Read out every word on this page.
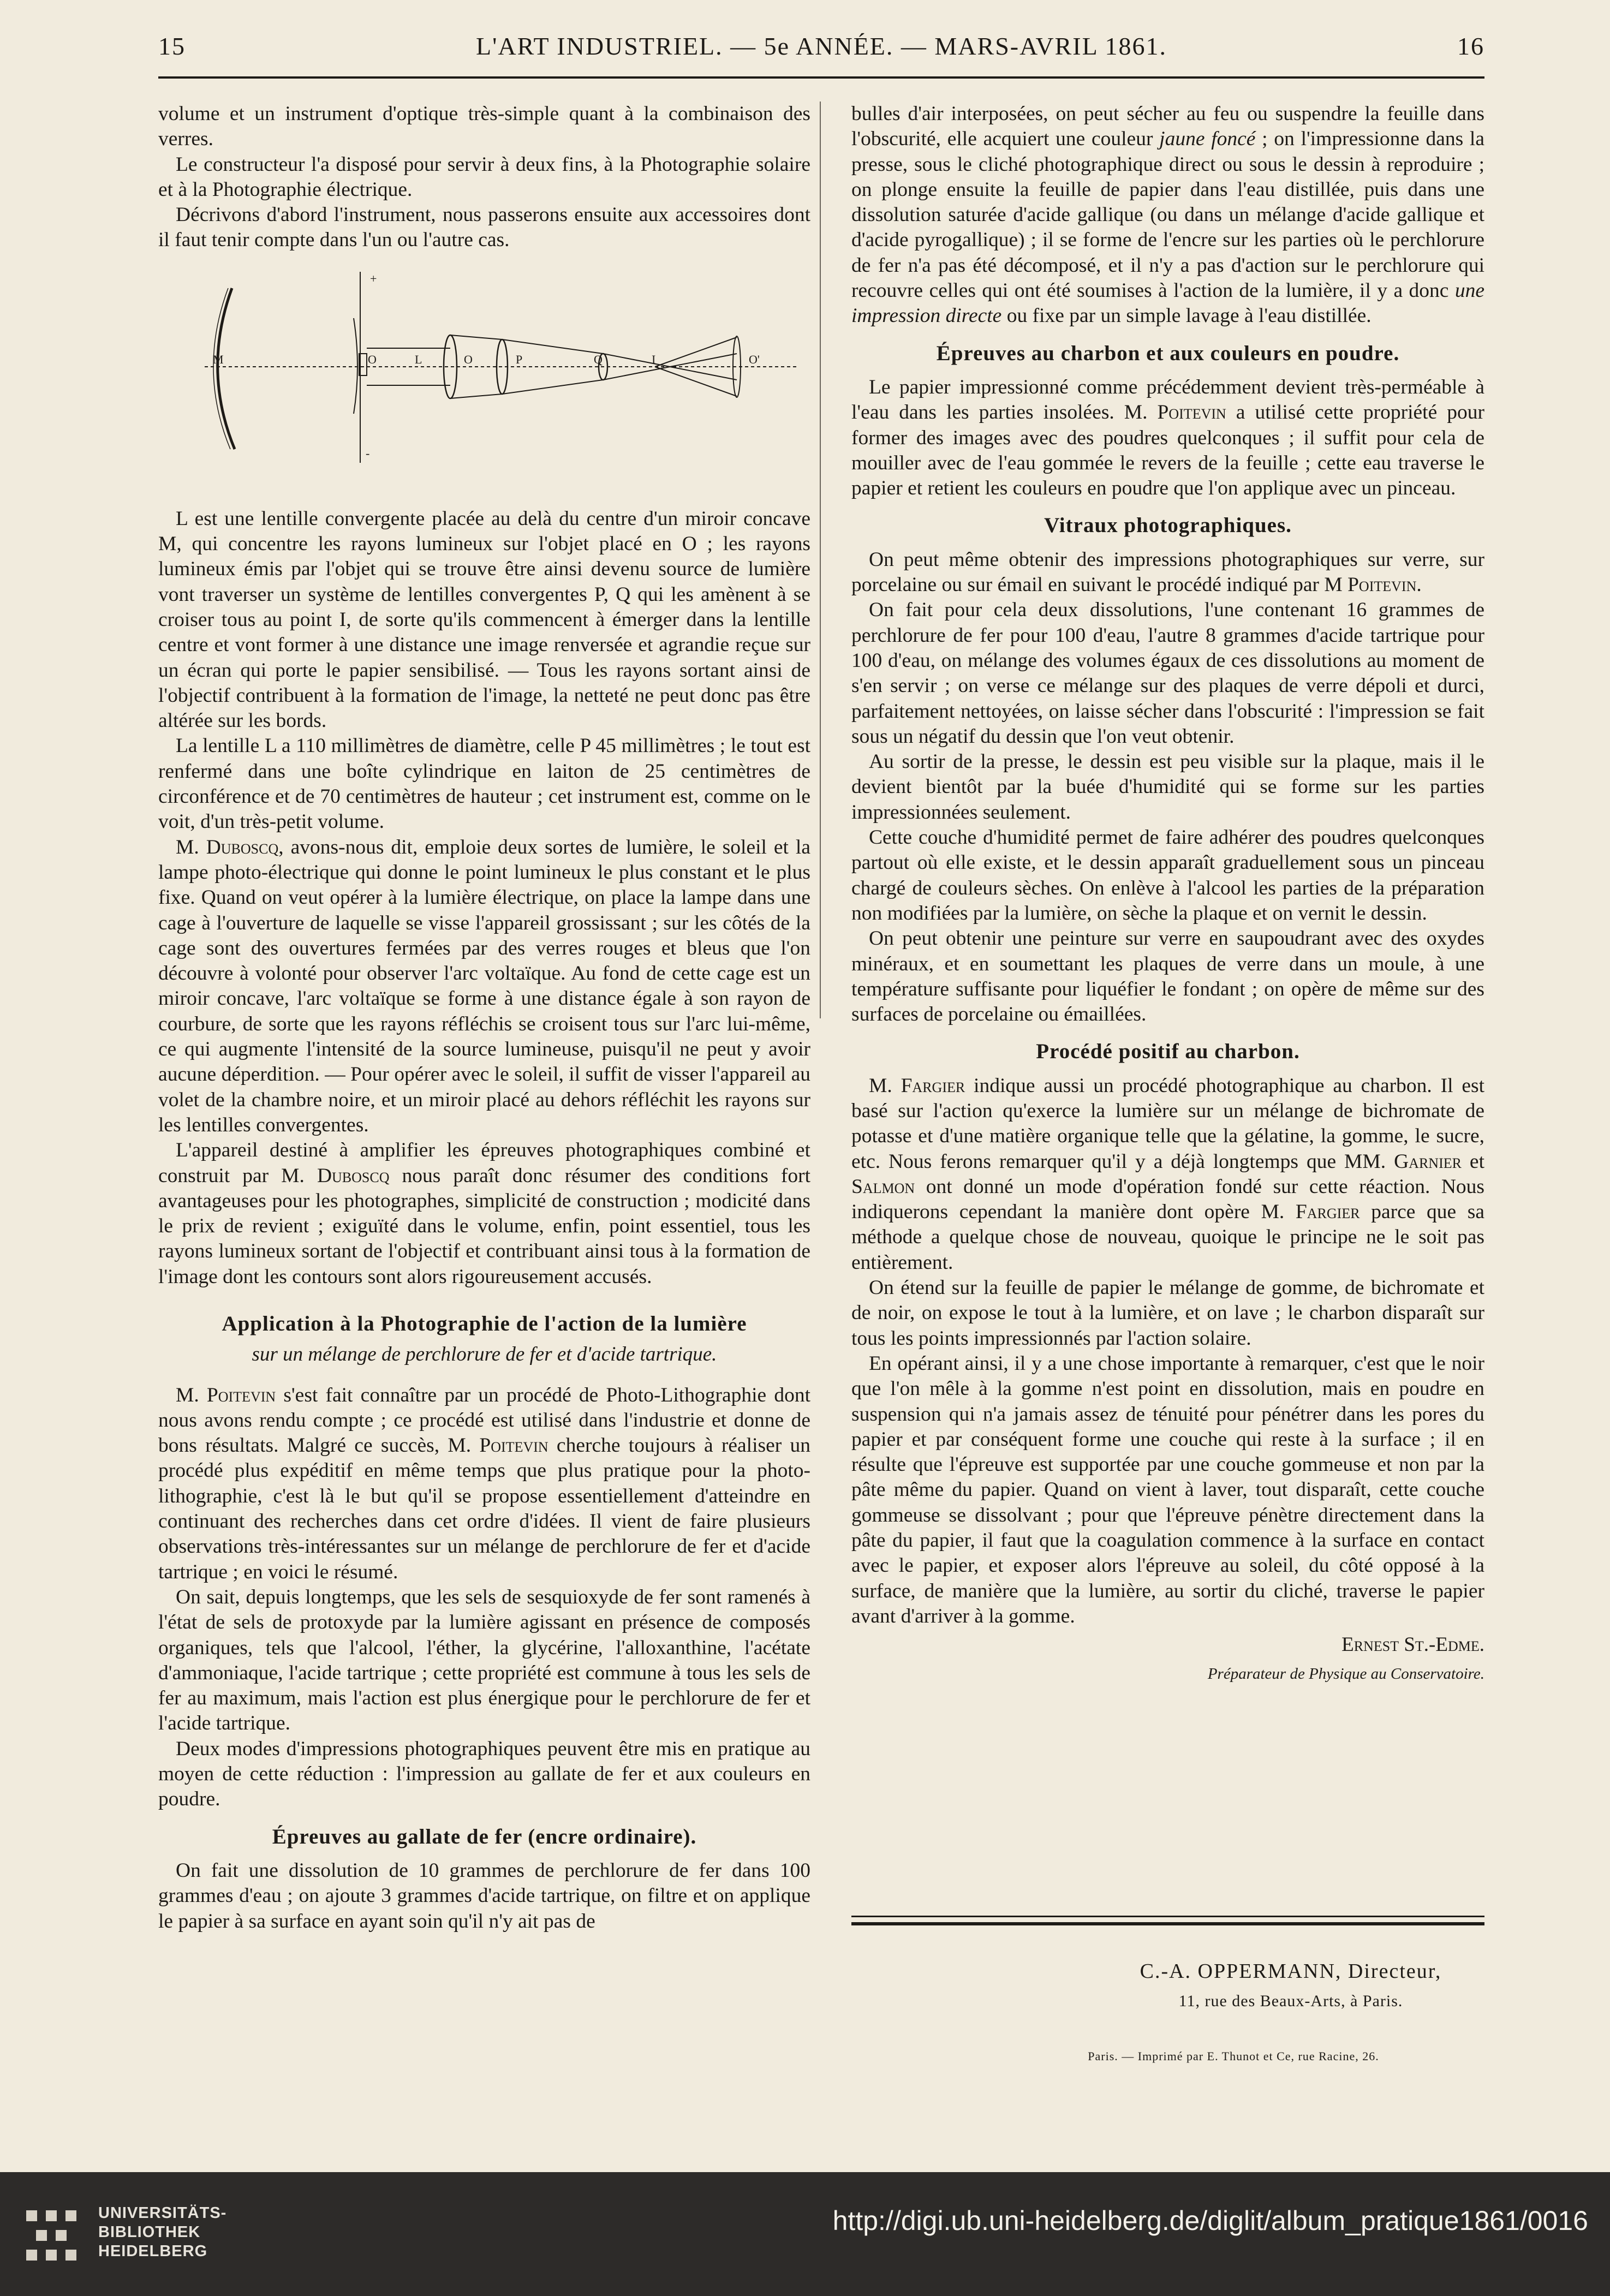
15	L'ART INDUSTRIEL. — 5e ANNÉE. — MARS-AVRIL 1861.	16

volume et un instrument d'optique très-simple quant à la combinaison des verres.

Le constructeur l'a disposé pour servir à deux fins, à la Photographie solaire et à la Photographie électrique.

Décrivons d'abord l'instrument, nous passerons ensuite aux accessoires dont il faut tenir compte dans l'un ou l'autre cas.

+
M	O	L	O	P	Q	I	O'
-

L est une lentille convergente placée au delà du centre d'un miroir concave M, qui concentre les rayons lumineux sur l'objet placé en O ; les rayons lumineux émis par l'objet qui se trouve être ainsi devenu source de lumière vont traverser un système de lentilles convergentes P, Q qui les amènent à se croiser tous au point I, de sorte qu'ils commencent à émerger dans la lentille centre et vont former à une distance une image renversée et agrandie reçue sur un écran qui porte le papier sensibilisé. — Tous les rayons sortant ainsi de l'objectif contribuent à la formation de l'image, la netteté ne peut donc pas être altérée sur les bords.

La lentille L a 110 millimètres de diamètre, celle P 45 millimètres ; le tout est renfermé dans une boîte cylindrique en laiton de 25 centimètres de circonférence et de 70 centimètres de hauteur ; cet instrument est, comme on le voit, d'un très-petit volume.

M. Duboscq, avons-nous dit, emploie deux sortes de lumière, le soleil et la lampe photo-électrique qui donne le point lumineux le plus constant et le plus fixe. Quand on veut opérer à la lumière électrique, on place la lampe dans une cage à l'ouverture de laquelle se visse l'appareil grossissant ; sur les côtés de la cage sont des ouvertures fermées par des verres rouges et bleus que l'on découvre à volonté pour observer l'arc voltaïque. Au fond de cette cage est un miroir concave, l'arc voltaïque se forme à une distance égale à son rayon de courbure, de sorte que les rayons réfléchis se croisent tous sur l'arc lui-même, ce qui augmente l'intensité de la source lumineuse, puisqu'il ne peut y avoir aucune déperdition. — Pour opérer avec le soleil, il suffit de visser l'appareil au volet de la chambre noire, et un miroir placé au dehors réfléchit les rayons sur les lentilles convergentes.

L'appareil destiné à amplifier les épreuves photographiques combiné et construit par M. Duboscq nous paraît donc résumer des conditions fort avantageuses pour les photographes, simplicité de construction ; modicité dans le prix de revient ; exiguïté dans le volume, enfin, point essentiel, tous les rayons lumineux sortant de l'objectif et contribuant ainsi tous à la formation de l'image dont les contours sont alors rigoureusement accusés.

Application à la Photographie de l'action de la lumière
sur un mélange de perchlorure de fer et d'acide tartrique.

M. Poitevin s'est fait connaître par un procédé de Photo-Lithographie dont nous avons rendu compte ; ce procédé est utilisé dans l'industrie et donne de bons résultats. Malgré ce succès, M. Poitevin cherche toujours à réaliser un procédé plus expéditif en même temps que plus pratique pour la photo-lithographie, c'est là le but qu'il se propose essentiellement d'atteindre en continuant des recherches dans cet ordre d'idées. Il vient de faire plusieurs observations très-intéressantes sur un mélange de perchlorure de fer et d'acide tartrique ; en voici le résumé.

On sait, depuis longtemps, que les sels de sesquioxyde de fer sont ramenés à l'état de sels de protoxyde par la lumière agissant en présence de composés organiques, tels que l'alcool, l'éther, la glycérine, l'alloxanthine, l'acétate d'ammoniaque, l'acide tartrique ; cette propriété est commune à tous les sels de fer au maximum, mais l'action est plus énergique pour le perchlorure de fer et l'acide tartrique.

Deux modes d'impressions photographiques peuvent être mis en pratique au moyen de cette réduction : l'impression au gallate de fer et aux couleurs en poudre.

Épreuves au gallate de fer (encre ordinaire).

On fait une dissolution de 10 grammes de perchlorure de fer dans 100 grammes d'eau ; on ajoute 3 grammes d'acide tartrique, on filtre et on applique le papier à sa surface en ayant soin qu'il n'y ait pas de

bulles d'air interposées, on peut sécher au feu ou suspendre la feuille dans l'obscurité, elle acquiert une couleur jaune foncé ; on l'impressionne dans la presse, sous le cliché photographique direct ou sous le dessin à reproduire ; on plonge ensuite la feuille de papier dans l'eau distillée, puis dans une dissolution saturée d'acide gallique (ou dans un mélange d'acide gallique et d'acide pyrogallique) ; il se forme de l'encre sur les parties où le perchlorure de fer n'a pas été décomposé, et il n'y a pas d'action sur le perchlorure qui recouvre celles qui ont été soumises à l'action de la lumière, il y a donc une impression directe ou fixe par un simple lavage à l'eau distillée.

Épreuves au charbon et aux couleurs en poudre.

Le papier impressionné comme précédemment devient très-perméable à l'eau dans les parties insolées. M. Poitevin a utilisé cette propriété pour former des images avec des poudres quelconques ; il suffit pour cela de mouiller avec de l'eau gommée le revers de la feuille ; cette eau traverse le papier et retient les couleurs en poudre que l'on applique avec un pinceau.

Vitraux photographiques.

On peut même obtenir des impressions photographiques sur verre, sur porcelaine ou sur émail en suivant le procédé indiqué par M Poitevin.

On fait pour cela deux dissolutions, l'une contenant 16 grammes de perchlorure de fer pour 100 d'eau, l'autre 8 grammes d'acide tartrique pour 100 d'eau, on mélange des volumes égaux de ces dissolutions au moment de s'en servir ; on verse ce mélange sur des plaques de verre dépoli et durci, parfaitement nettoyées, on laisse sécher dans l'obscurité : l'impression se fait sous un négatif du dessin que l'on veut obtenir.

Au sortir de la presse, le dessin est peu visible sur la plaque, mais il le devient bientôt par la buée d'humidité qui se forme sur les parties impressionnées seulement.

Cette couche d'humidité permet de faire adhérer des poudres quelconques partout où elle existe, et le dessin apparaît graduellement sous un pinceau chargé de couleurs sèches. On enlève à l'alcool les parties de la préparation non modifiées par la lumière, on sèche la plaque et on vernit le dessin.

On peut obtenir une peinture sur verre en saupoudrant avec des oxydes minéraux, et en soumettant les plaques de verre dans un moule, à une température suffisante pour liquéfier le fondant ; on opère de même sur des surfaces de porcelaine ou émaillées.

Procédé positif au charbon.

M. Fargier indique aussi un procédé photographique au charbon. Il est basé sur l'action qu'exerce la lumière sur un mélange de bichromate de potasse et d'une matière organique telle que la gélatine, la gomme, le sucre, etc. Nous ferons remarquer qu'il y a déjà longtemps que MM. Garnier et Salmon ont donné un mode d'opération fondé sur cette réaction. Nous indiquerons cependant la manière dont opère M. Fargier parce que sa méthode a quelque chose de nouveau, quoique le principe ne le soit pas entièrement.

On étend sur la feuille de papier le mélange de gomme, de bichromate et de noir, on expose le tout à la lumière, et on lave ; le charbon disparaît sur tous les points impressionnés par l'action solaire.

En opérant ainsi, il y a une chose importante à remarquer, c'est que le noir que l'on mêle à la gomme n'est point en dissolution, mais en poudre en suspension qui n'a jamais assez de ténuité pour pénétrer dans les pores du papier et par conséquent forme une couche qui reste à la surface ; il en résulte que l'épreuve est supportée par une couche gommeuse et non par la pâte même du papier. Quand on vient à laver, tout disparaît, cette couche gommeuse se dissolvant ; pour que l'épreuve pénètre directement dans la pâte du papier, il faut que la coagulation commence à la surface en contact avec le papier, et exposer alors l'épreuve au soleil, du côté opposé à la surface, de manière que la lumière, au sortir du cliché, traverse le papier avant d'arriver à la gomme.

Ernest St.-Edme.
Préparateur de Physique au Conservatoire.
C.-A. OPPERMANN, Directeur,
11, rue des Beaux-Arts, à Paris.
Paris. — Imprimé par E. Thunot et Ce, rue Racine, 26.
UNIVERSITÄTS-
BIBLIOTHEK
HEIDELBERG
http://digi.ub.uni-heidelberg.de/diglit/album_pratique1861/0016
